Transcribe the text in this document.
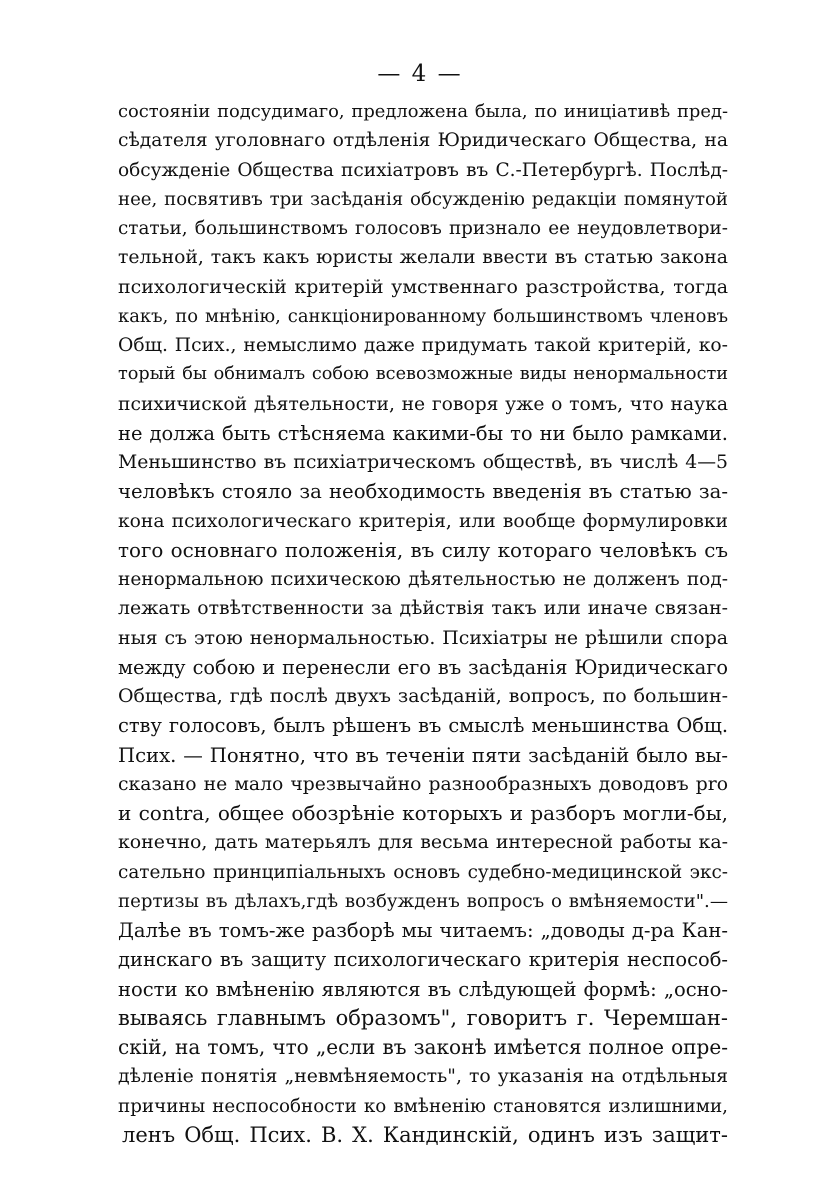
— 4 —
состояніи подсудимаго, предложена была, по иниціативѣ пред-
сѣдателя уголовнаго отдѣленія Юридическаго Общества, на
обсужденіе Общества психіатровъ въ С.-Петербургѣ. Послѣд-
нее, посвятивъ три засѣданія обсужденію редакціи помянутой
статьи, большинствомъ голосовъ признало ее неудовлетвори-
тельной, такъ какъ юристы желали ввести въ статью закона
психологическій критерій умственнаго разстройства, тогда
какъ, по мнѣнію, санкціонированному большинствомъ членовъ
Общ. Псих., немыслимо даже придумать такой критерій, ко-
торый бы обнималъ собою всевозможные виды ненормальности
психичиской дѣятельности, не говоря уже о томъ, что наука
не должа быть стѣсняема какими-бы то ни было рамками.
Меньшинство въ психіатрическомъ обществѣ, въ числѣ 4—5
человѣкъ стояло за необходимость введенія въ статью за-
кона психологическаго критерія, или вообще формулировки
того основнаго положенія, въ силу котораго человѣкъ съ
ненормальною психическою дѣятельностью не долженъ под-
лежать отвѣтственности за дѣйствія такъ или иначе связан-
ныя съ этою ненормальностью. Психіатры не рѣшили спора
между собою и перенесли его въ засѣданія Юридическаго
Общества, гдѣ послѣ двухъ засѣданій, вопросъ, по большин-
ству голосовъ, былъ рѣшенъ въ смыслѣ меньшинства Общ.
Псих. — Понятно, что въ теченіи пяти засѣданій было вы-
сказано не мало чрезвычайно разнообразныхъ доводовъ pro
и contra, общее обозрѣніе которыхъ и разборъ могли-бы,
конечно, дать матерьялъ для весьма интересной работы ка-
сательно принципіальныхъ основъ судебно-медицинской экс-
пертизы въ дѣлахъ,гдѣ возбужденъ вопросъ о вмѣняемости".—
Далѣе въ томъ-же разборѣ мы читаемъ: „доводы д-ра Кан-
динскаго въ защиту психологическаго критерія неспособ-
ности ко вмѣненію являются въ слѣдующей формѣ: „осно-
вываясь главнымъ образомъ", говоритъ г. Черемшан-
скій, на томъ, что „если въ законѣ имѣется полное опре-
дѣленіе понятія „невмѣняемость", то указанія на отдѣльныя
причины неспособности ко вмѣненію становятся излишними,
ленъ Общ. Псих. В. Х. Кандинскій, одинъ изъ защит-
